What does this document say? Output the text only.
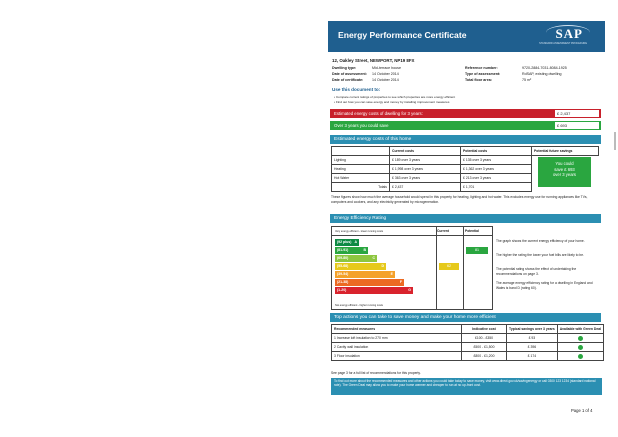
Energy Performance Certificate	SAP
STANDARD ASSESSMENT PROCEDURE
12, Oakley Street, NEWPORT, NP19 8FX
Dwelling type:	Mid-terrace house
Date of assessment: 14 October 2014
Date of certificate: 14 October 2014
Reference number:	9720-2884-7031-8084-1925
Type of assessment:	RdSAP, existing dwelling
Total floor area:	75 m²
Use this document to:
• Compare current ratings of properties to see which properties are more energy efficient
• Find out how you can save energy and money by installing improvement measures
Estimated energy costs of dwelling for 3 years:	£ 2,437
Over 3 years you could save	£ 693
Estimated energy costs of this home
	Current costs	Potential costs	Potential future savings
Lighting	£ 189 over 3 years	£ 135 over 3 years	
Heating	£ 1,998 over 3 years	£ 1,362 over 3 years	
Hot Water	£ 363 over 3 years	£ 213 over 3 years	
Totals	£ 2,437	£ 1,701	
You could
save £ 693
over 3 years
These figures show how much the average household would spend in this property for heating, lighting and hot water. This excludes energy use for running appliances like TVs, computers and cookers, and any electricity generated by microgeneration.
Energy Efficiency Rating
Very energy efficient - lower running costs	Current	Potential
(92 plus) A
(81-91)	B
(69-80)	C
(55-68)	D
(39-54)	E
(21-38)	F
(1-20)	G
62
81
Not energy efficient - higher running costs
The graph shows the current energy efficiency of your home.
The higher the rating the lower your fuel bills are likely to be.
The potential rating shows the effect of undertaking the recommendations on page 3.
The average energy efficiency rating for a dwelling in England and Wales is band D (rating 60).
Top actions you can take to save money and make your home more efficient
Recommended measures	Indicative cost	Typical savings over 3 years	Available with Green Deal
1 Increase loft insulation to 270 mm	£100 - £350	£ 93	
2 Cavity wall insulation	£500 - £1,500	£ 396	
3 Floor insulation	£800 - £1,200	£ 174	
See page 3 for a full list of recommendations for this property.
To find out more about the recommended measures and other actions you could take today to save money, visit www.direct.gov.uk/savingenergy or call 0300 123 1234 (standard national rate). The Green Deal may allow you to make your home warmer and cheaper to run at no up-front cost.
Page 1 of 4
